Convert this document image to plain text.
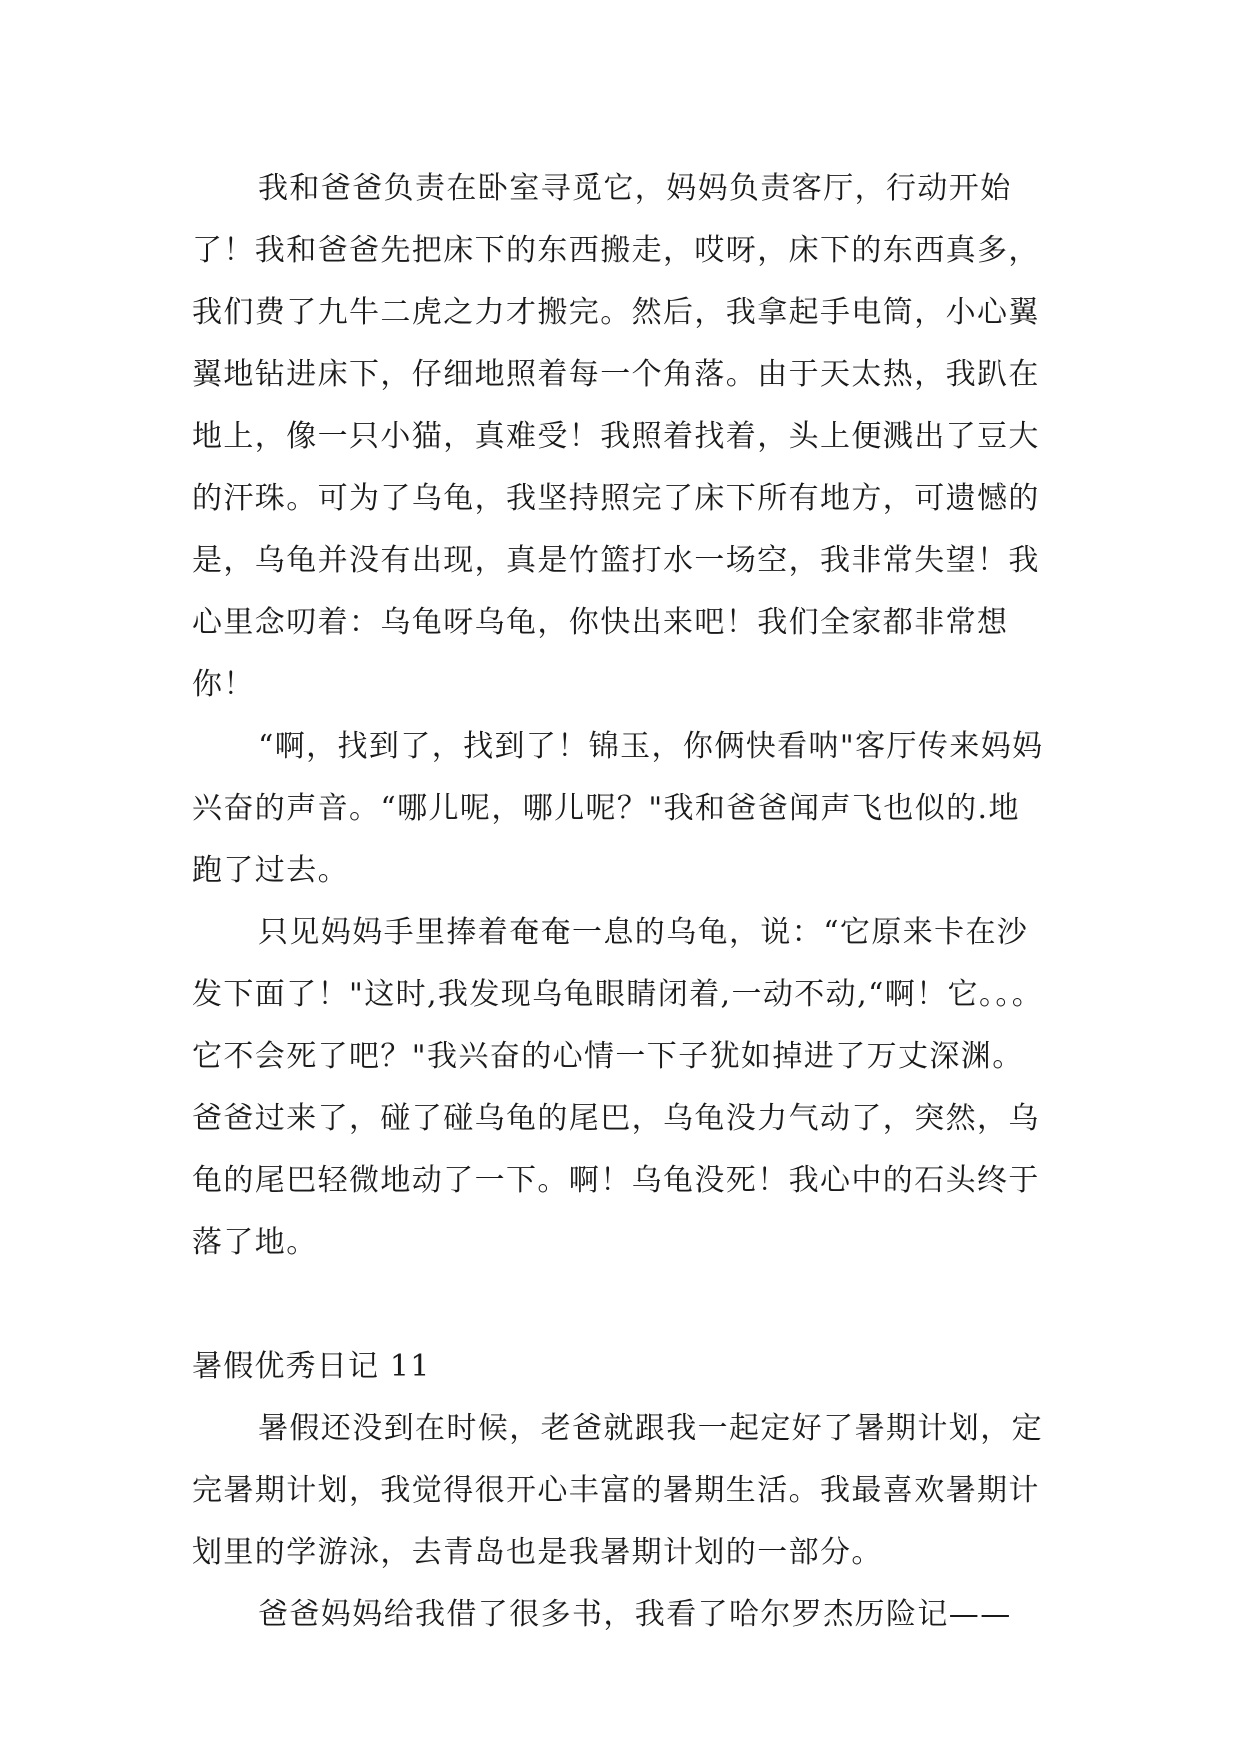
我和爸爸负责在卧室寻觅它，妈妈负责客厅，行动开始了！我和爸爸先把床下的东西搬走，哎呀，床下的东西真多，我们费了九牛二虎之力才搬完。然后，我拿起手电筒，小心翼翼地钻进床下，仔细地照着每一个角落。由于天太热，我趴在地上，像一只小猫，真难受！我照着找着，头上便溅出了豆大的汗珠。可为了乌龟，我坚持照完了床下所有地方，可遗憾的是，乌龟并没有出现，真是竹篮打水一场空，我非常失望！我心里念叨着：乌龟呀乌龟，你快出来吧！我们全家都非常想你！

“啊，找到了，找到了！锦玉，你俩快看呐"客厅传来妈妈兴奋的声音。“哪儿呢，哪儿呢？"我和爸爸闻声飞也似的.地跑了过去。

只见妈妈手里捧着奄奄一息的乌龟，说：“它原来卡在沙发下面了！"这时,我发现乌龟眼睛闭着,一动不动,“啊！它。。。它不会死了吧？"我兴奋的心情一下子犹如掉进了万丈深渊。爸爸过来了，碰了碰乌龟的尾巴，乌龟没力气动了，突然，乌龟的尾巴轻微地动了一下。啊！乌龟没死！我心中的石头终于落了地。

暑假优秀日记 11

暑假还没到在时候，老爸就跟我一起定好了暑期计划，定完暑期计划，我觉得很开心丰富的暑期生活。我最喜欢暑期计划里的学游泳，去青岛也是我暑期计划的一部分。

爸爸妈妈给我借了很多书，我看了哈尔罗杰历险记——
